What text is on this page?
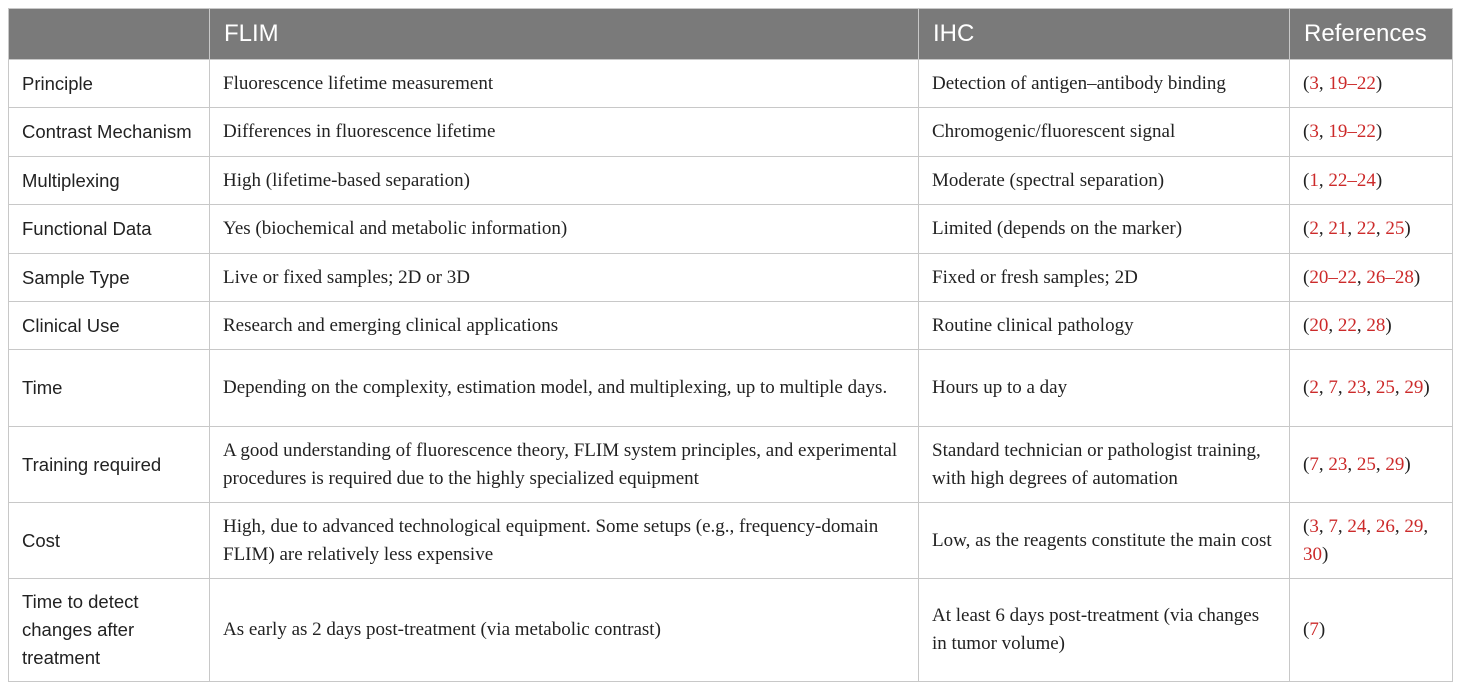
	FLIM	IHC	References
Principle	Fluorescence lifetime measurement	Detection of antigen–antibody binding	(3, 19–22)
Contrast Mechanism	Differences in fluorescence lifetime	Chromogenic/fluorescent signal	(3, 19–22)
Multiplexing	High (lifetime-based separation)	Moderate (spectral separation)	(1, 22–24)
Functional Data	Yes (biochemical and metabolic information)	Limited (depends on the marker)	(2, 21, 22, 25)
Sample Type	Live or fixed samples; 2D or 3D	Fixed or fresh samples; 2D	(20–22, 26–28)
Clinical Use	Research and emerging clinical applications	Routine clinical pathology	(20, 22, 28)
Time	Depending on the complexity, estimation model, and multiplexing, up to multiple days.	Hours up to a day	(2, 7, 23, 25, 29)
Training required	A good understanding of fluorescence theory, FLIM system principles, and experimental procedures is required due to the highly specialized equipment	Standard technician or pathologist training, with high degrees of automation	(7, 23, 25, 29)
Cost	High, due to advanced technological equipment. Some setups (e.g., frequency-domain FLIM) are relatively less expensive	Low, as the reagents constitute the main cost	(3, 7, 24, 26, 29, 30)
Time to detect changes after treatment	As early as 2 days post-treatment (via metabolic contrast)	At least 6 days post-treatment (via changes in tumor volume)	(7)
